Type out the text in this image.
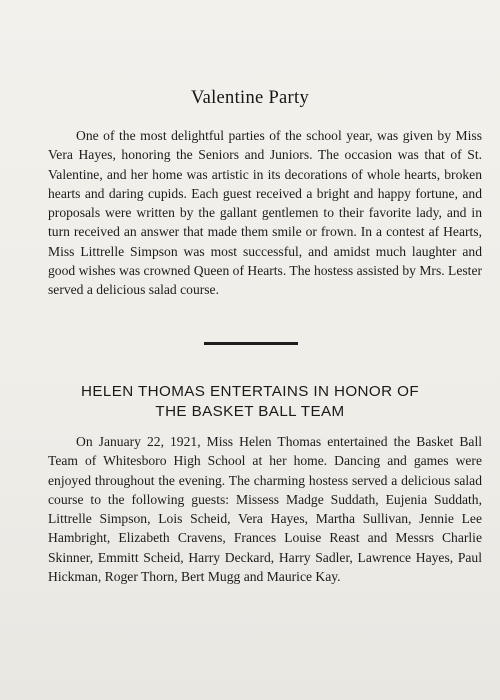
Valentine Party

One of the most delightful parties of the school year, was given by Miss Vera Hayes, honoring the Seniors and Juniors. The occasion was that of St. Valentine, and her home was artistic in its decorations of whole hearts, broken hearts and daring cupids. Each guest received a bright and happy fortune, and proposals were written by the gallant gentlemen to their favorite lady, and in turn received an answer that made them smile or frown. In a contest af Hearts, Miss Littrelle Simpson was most successful, and amidst much laughter and good wishes was crowned Queen of Hearts. The hostess assisted by Mrs. Lester served a delicious salad course.

HELEN THOMAS ENTERTAINS IN HONOR OF
THE BASKET BALL TEAM

On January 22, 1921, Miss Helen Thomas entertained the Basket Ball Team of Whitesboro High School at her home. Dancing and games were enjoyed throughout the evening. The charming hostess served a delicious salad course to the following guests: Missess Madge Suddath, Eujenia Suddath, Littrelle Simpson, Lois Scheid, Vera Hayes, Martha Sullivan, Jennie Lee Hambright, Elizabeth Cravens, Frances Louise Reast and Messrs Charlie Skinner, Emmitt Scheid, Harry Deckard, Harry Sadler, Lawrence Hayes, Paul Hickman, Roger Thorn, Bert Mugg and Maurice Kay.
